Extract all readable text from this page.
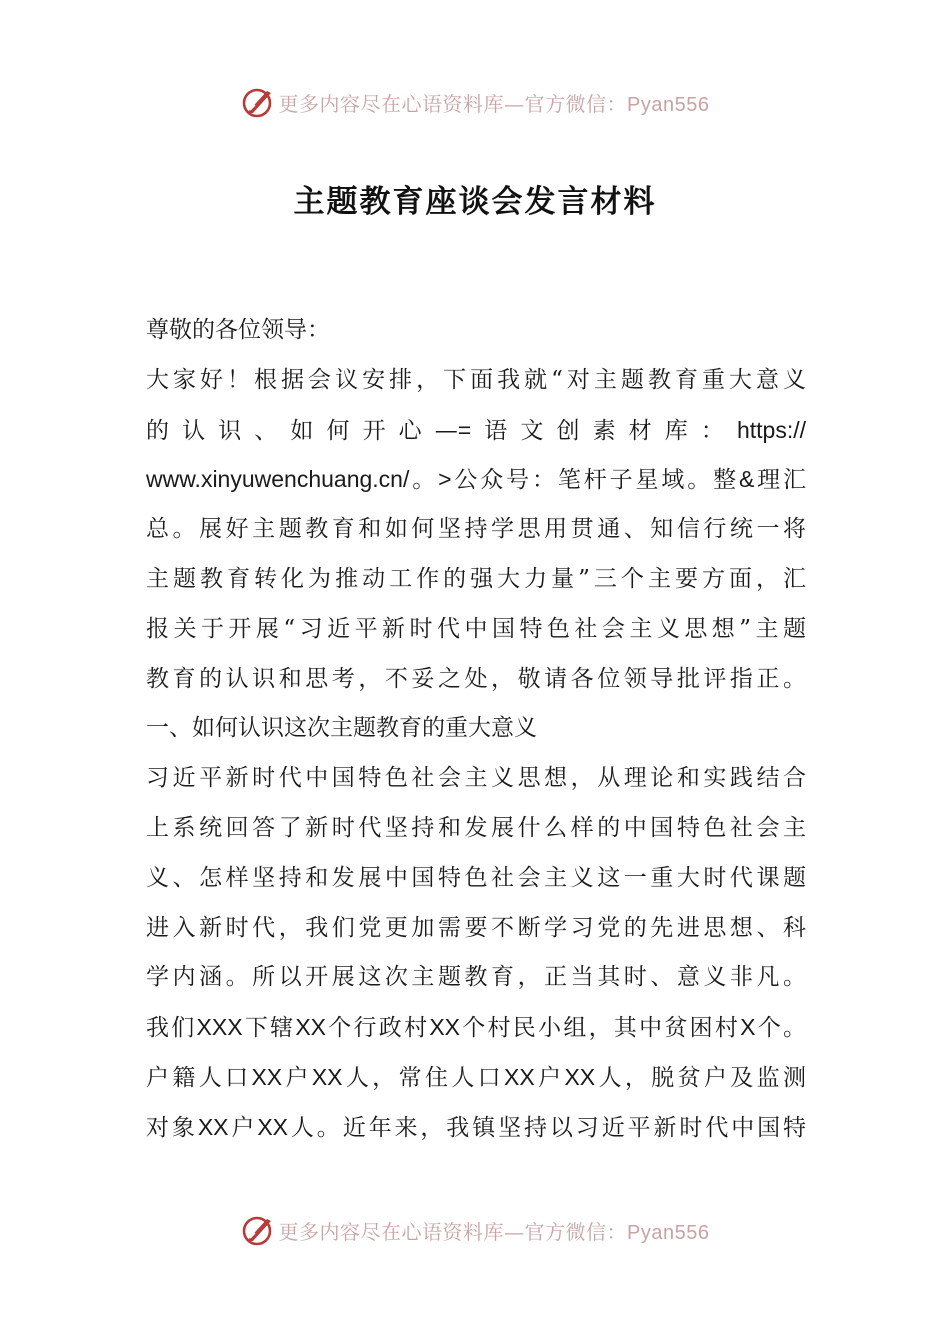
更多内容尽在心语资料库—官方微信：Pyan556
主题教育座谈会发言材料
尊敬的各位领导：
大家好！根据会议安排，下面我就“对主题教育重大意义
的认识、如何开心—=语文创素材库：https://
www.xinyuwenchuang.cn/。>公众号：笔杆子星域。整&理汇
总。展好主题教育和如何坚持学思用贯通、知信行统一将
主题教育转化为推动工作的强大力量”三个主要方面，汇
报关于开展“习近平新时代中国特色社会主义思想”主题
教育的认识和思考，不妥之处，敬请各位领导批评指正。
一、如何认识这次主题教育的重大意义
习近平新时代中国特色社会主义思想，从理论和实践结合
上系统回答了新时代坚持和发展什么样的中国特色社会主
义、怎样坚持和发展中国特色社会主义这一重大时代课题
进入新时代，我们党更加需要不断学习党的先进思想、科
学内涵。所以开展这次主题教育，正当其时、意义非凡。
我们XXX下辖XX个行政村XX个村民小组，其中贫困村X个。
户籍人口XX户XX人，常住人口XX户XX人，脱贫户及监测
对象XX户XX人。近年来，我镇坚持以习近平新时代中国特
更多内容尽在心语资料库—官方微信：Pyan556
